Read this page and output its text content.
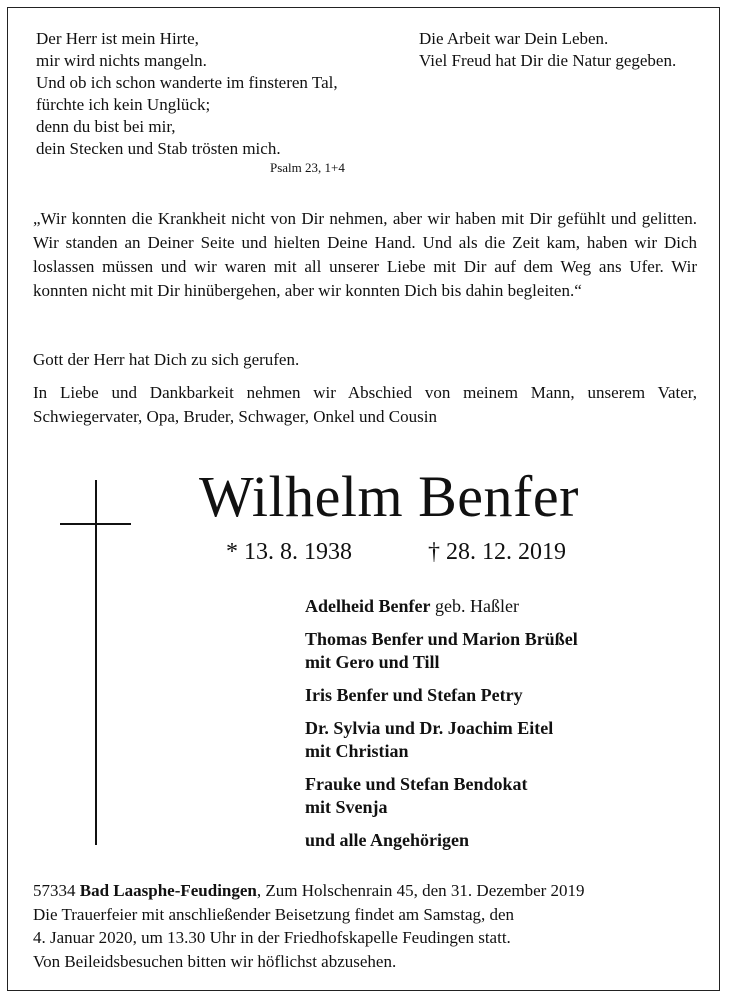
Der Herr ist mein Hirte,
mir wird nichts mangeln.
Und ob ich schon wanderte im finsteren Tal,
fürchte ich kein Unglück;
denn du bist bei mir,
dein Stecken und Stab trösten mich.

Psalm 23, 1+4

Die Arbeit war Dein Leben.
Viel Freud hat Dir die Natur gegeben.

„Wir konnten die Krankheit nicht von Dir nehmen, aber wir haben mit Dir gefühlt und gelitten. Wir standen an Deiner Seite und hielten Deine Hand. Und als die Zeit kam, haben wir Dich loslassen müssen und wir waren mit all unserer Liebe mit Dir auf dem Weg ans Ufer. Wir konnten nicht mit Dir hinübergehen, aber wir konnten Dich bis dahin begleiten.“

Gott der Herr hat Dich zu sich gerufen.

In Liebe und Dankbarkeit nehmen wir Abschied von meinem Mann, unserem Vater, Schwiegervater, Opa, Bruder, Schwager, Onkel und Cousin

Wilhelm Benfer
* 13. 8. 1938	† 28. 12. 2019

Adelheid Benfer geb. Haßler

Thomas Benfer und Marion Brüßel
mit Gero und Till

Iris Benfer und Stefan Petry

Dr. Sylvia und Dr. Joachim Eitel
mit Christian

Frauke und Stefan Bendokat
mit Svenja

und alle Angehörigen

57334 Bad Laasphe-Feudingen, Zum Holschenrain 45, den 31. Dezember 2019

Die Trauerfeier mit anschließender Beisetzung findet am Samstag, den

4. Januar 2020, um 13.30 Uhr in der Friedhofskapelle Feudingen statt.

Von Beileidsbesuchen bitten wir höflichst abzusehen.
